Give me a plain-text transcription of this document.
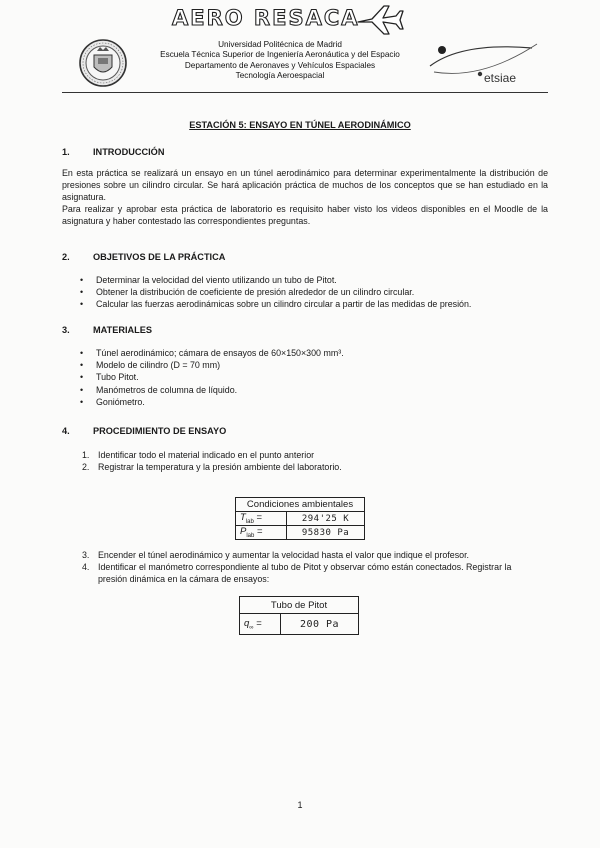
AERO RESACA
Universidad Politécnica de Madrid
Escuela Técnica Superior de Ingeniería Aeronáutica y del Espacio
Departamento de Aeronaves y Vehículos Espaciales
Tecnología Aeroespacial	etsiae
ESTACIÓN 5: ENSAYO EN TÚNEL AERODINÁMICO
1.	INTRODUCCIÓN
En esta práctica se realizará un ensayo en un túnel aerodinámico para determinar experimentalmente la distribución de presiones sobre un cilindro circular. Se hará aplicación práctica de muchos de los conceptos que se han estudiado en la asignatura.
Para realizar y aprobar esta práctica de laboratorio es requisito haber visto los videos disponibles en el Moodle de la asignatura y haber contestado las correspondientes preguntas.
2.	OBJETIVOS DE LA PRÁCTICA
• Determinar la velocidad del viento utilizando un tubo de Pitot.
• Obtener la distribución de coeficiente de presión alrededor de un cilindro circular.
• Calcular las fuerzas aerodinámicas sobre un cilindro circular a partir de las medidas de presión.
3.	MATERIALES
• Túnel aerodinámico; cámara de ensayos de 60×150×300 mm³.
• Modelo de cilindro (D = 70 mm)
• Tubo Pitot.
• Manómetros de columna de líquido.
• Goniómetro.
4.	PROCEDIMIENTO DE ENSAYO
1. Identificar todo el material indicado en el punto anterior
2. Registrar la temperatura y la presión ambiente del laboratorio.
Condiciones ambientales	
$T_{lab}$ =	294'25 K
$P_{lab}$ =	95830 Pa
3. Encender el túnel aerodinámico y aumentar la velocidad hasta el valor que indique el profesor.
4. Identificar el manómetro correspondiente al tubo de Pitot y observar cómo están conectados. Registrar la presión dinámica en la cámara de ensayos:
Tubo de Pitot
$q_\infty$ =	200 Pa
1
